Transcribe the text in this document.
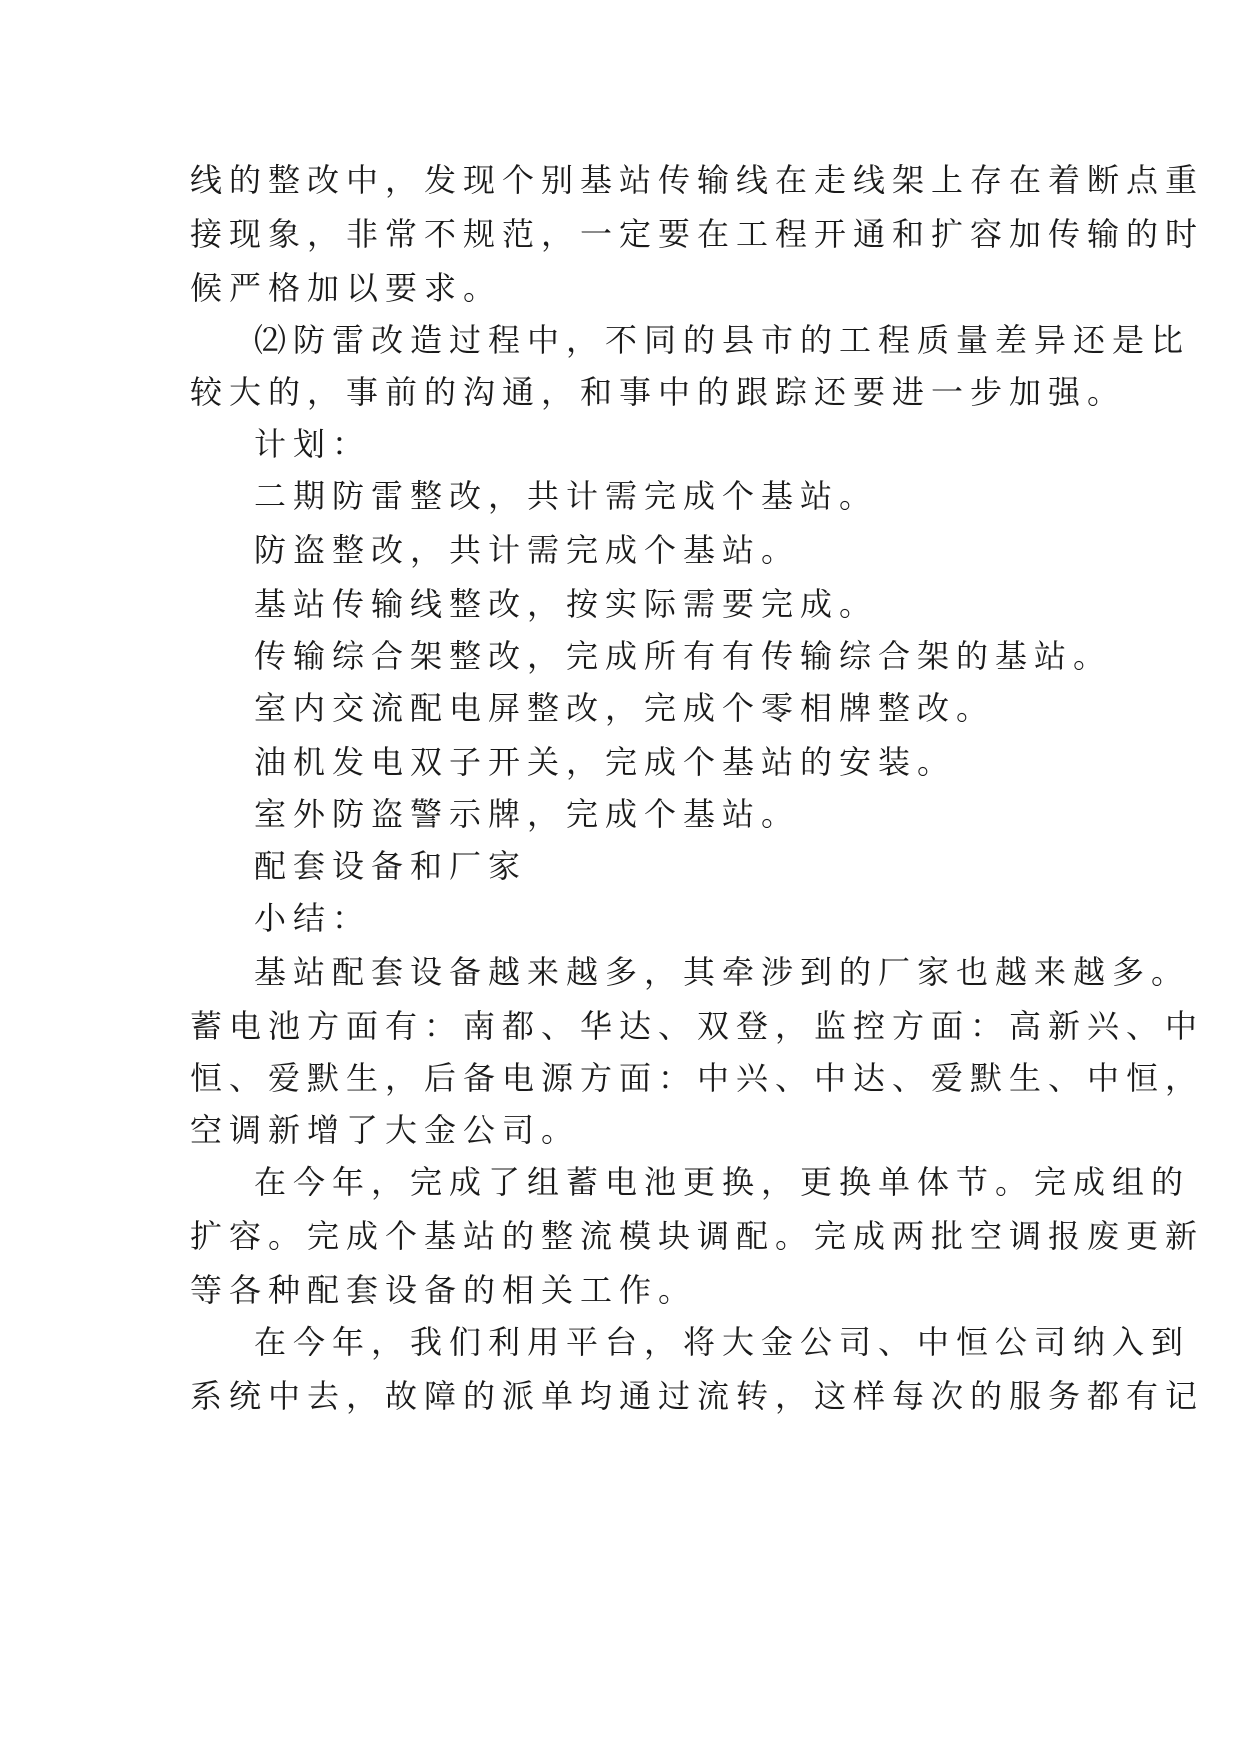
线的整改中，发现个别基站传输线在走线架上存在着断点重
接现象，非常不规范，一定要在工程开通和扩容加传输的时
候严格加以要求。
⑵防雷改造过程中，不同的县市的工程质量差异还是比
较大的，事前的沟通，和事中的跟踪还要进一步加强。
计划：
二期防雷整改，共计需完成个基站。
防盗整改，共计需完成个基站。
基站传输线整改，按实际需要完成。
传输综合架整改，完成所有有传输综合架的基站。
室内交流配电屏整改，完成个零相牌整改。
油机发电双子开关，完成个基站的安装。
室外防盗警示牌，完成个基站。
配套设备和厂家
小结：
基站配套设备越来越多，其牵涉到的厂家也越来越多。
蓄电池方面有：南都、华达、双登，监控方面：高新兴、中
恒、爱默生，后备电源方面：中兴、中达、爱默生、中恒，
空调新增了大金公司。
在今年，完成了组蓄电池更换，更换单体节。完成组的
扩容。完成个基站的整流模块调配。完成两批空调报废更新
等各种配套设备的相关工作。
在今年，我们利用平台，将大金公司、中恒公司纳入到
系统中去，故障的派单均通过流转，这样每次的服务都有记
